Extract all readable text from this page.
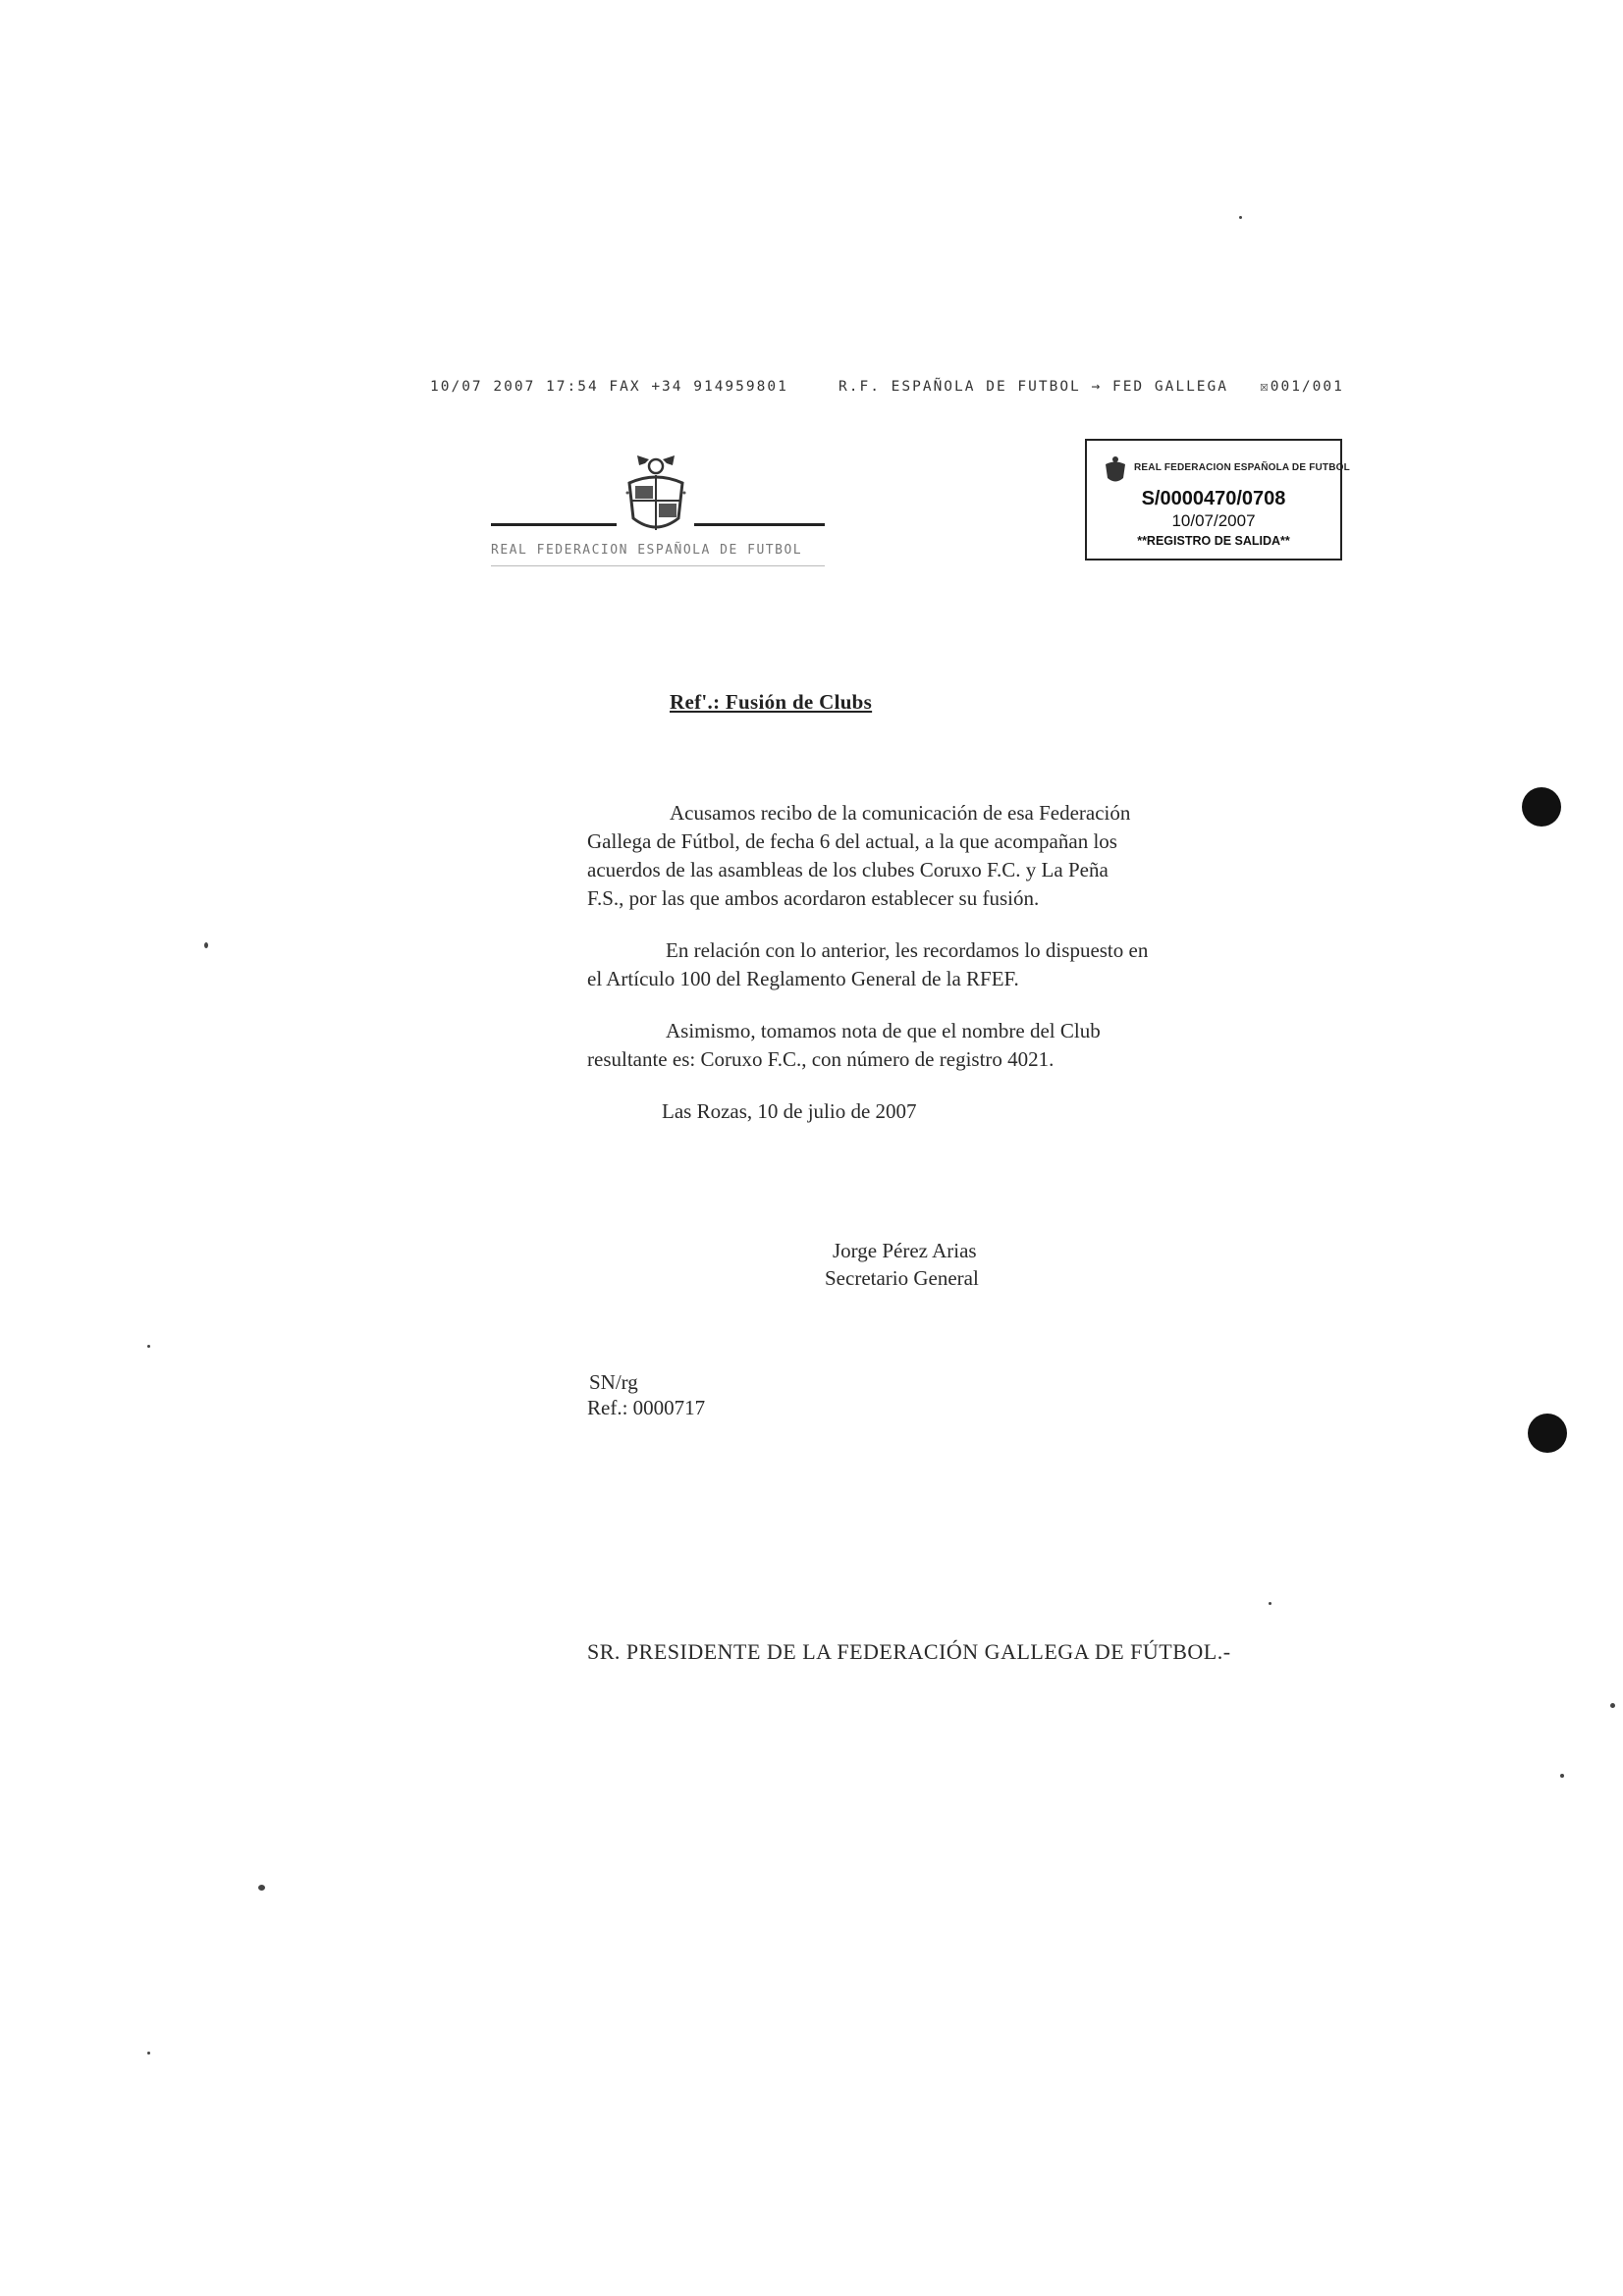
10/07 2007 17:54 FAX +34 914959801	R.F. ESPAÑOLA DE FUTBOL → FED GALLEGA ☒001/001
REAL FEDERACION ESPAÑOLA DE FUTBOL
REAL FEDERACION ESPAÑOLA DE FUTBOL
S/0000470/0708
10/07/2007
**REGISTRO DE SALIDA**
Ref'.: Fusión de Clubs
Acusamos recibo de la comunicación de esa Federación
Gallega de Fútbol, de fecha 6 del actual, a la que acompañan los
acuerdos de las asambleas de los clubes Coruxo F.C. y La Peña
F.S., por las que ambos acordaron establecer su fusión.
En relación con lo anterior, les recordamos lo dispuesto en
el Artículo 100 del Reglamento General de la RFEF.
Asimismo, tomamos nota de que el nombre del Club
resultante es: Coruxo F.C., con número de registro 4021.
Las Rozas, 10 de julio de 2007
Jorge Pérez Arias
Secretario General
SN/rg
Ref.: 0000717
SR. PRESIDENTE DE LA FEDERACIÓN GALLEGA DE FÚTBOL.-
